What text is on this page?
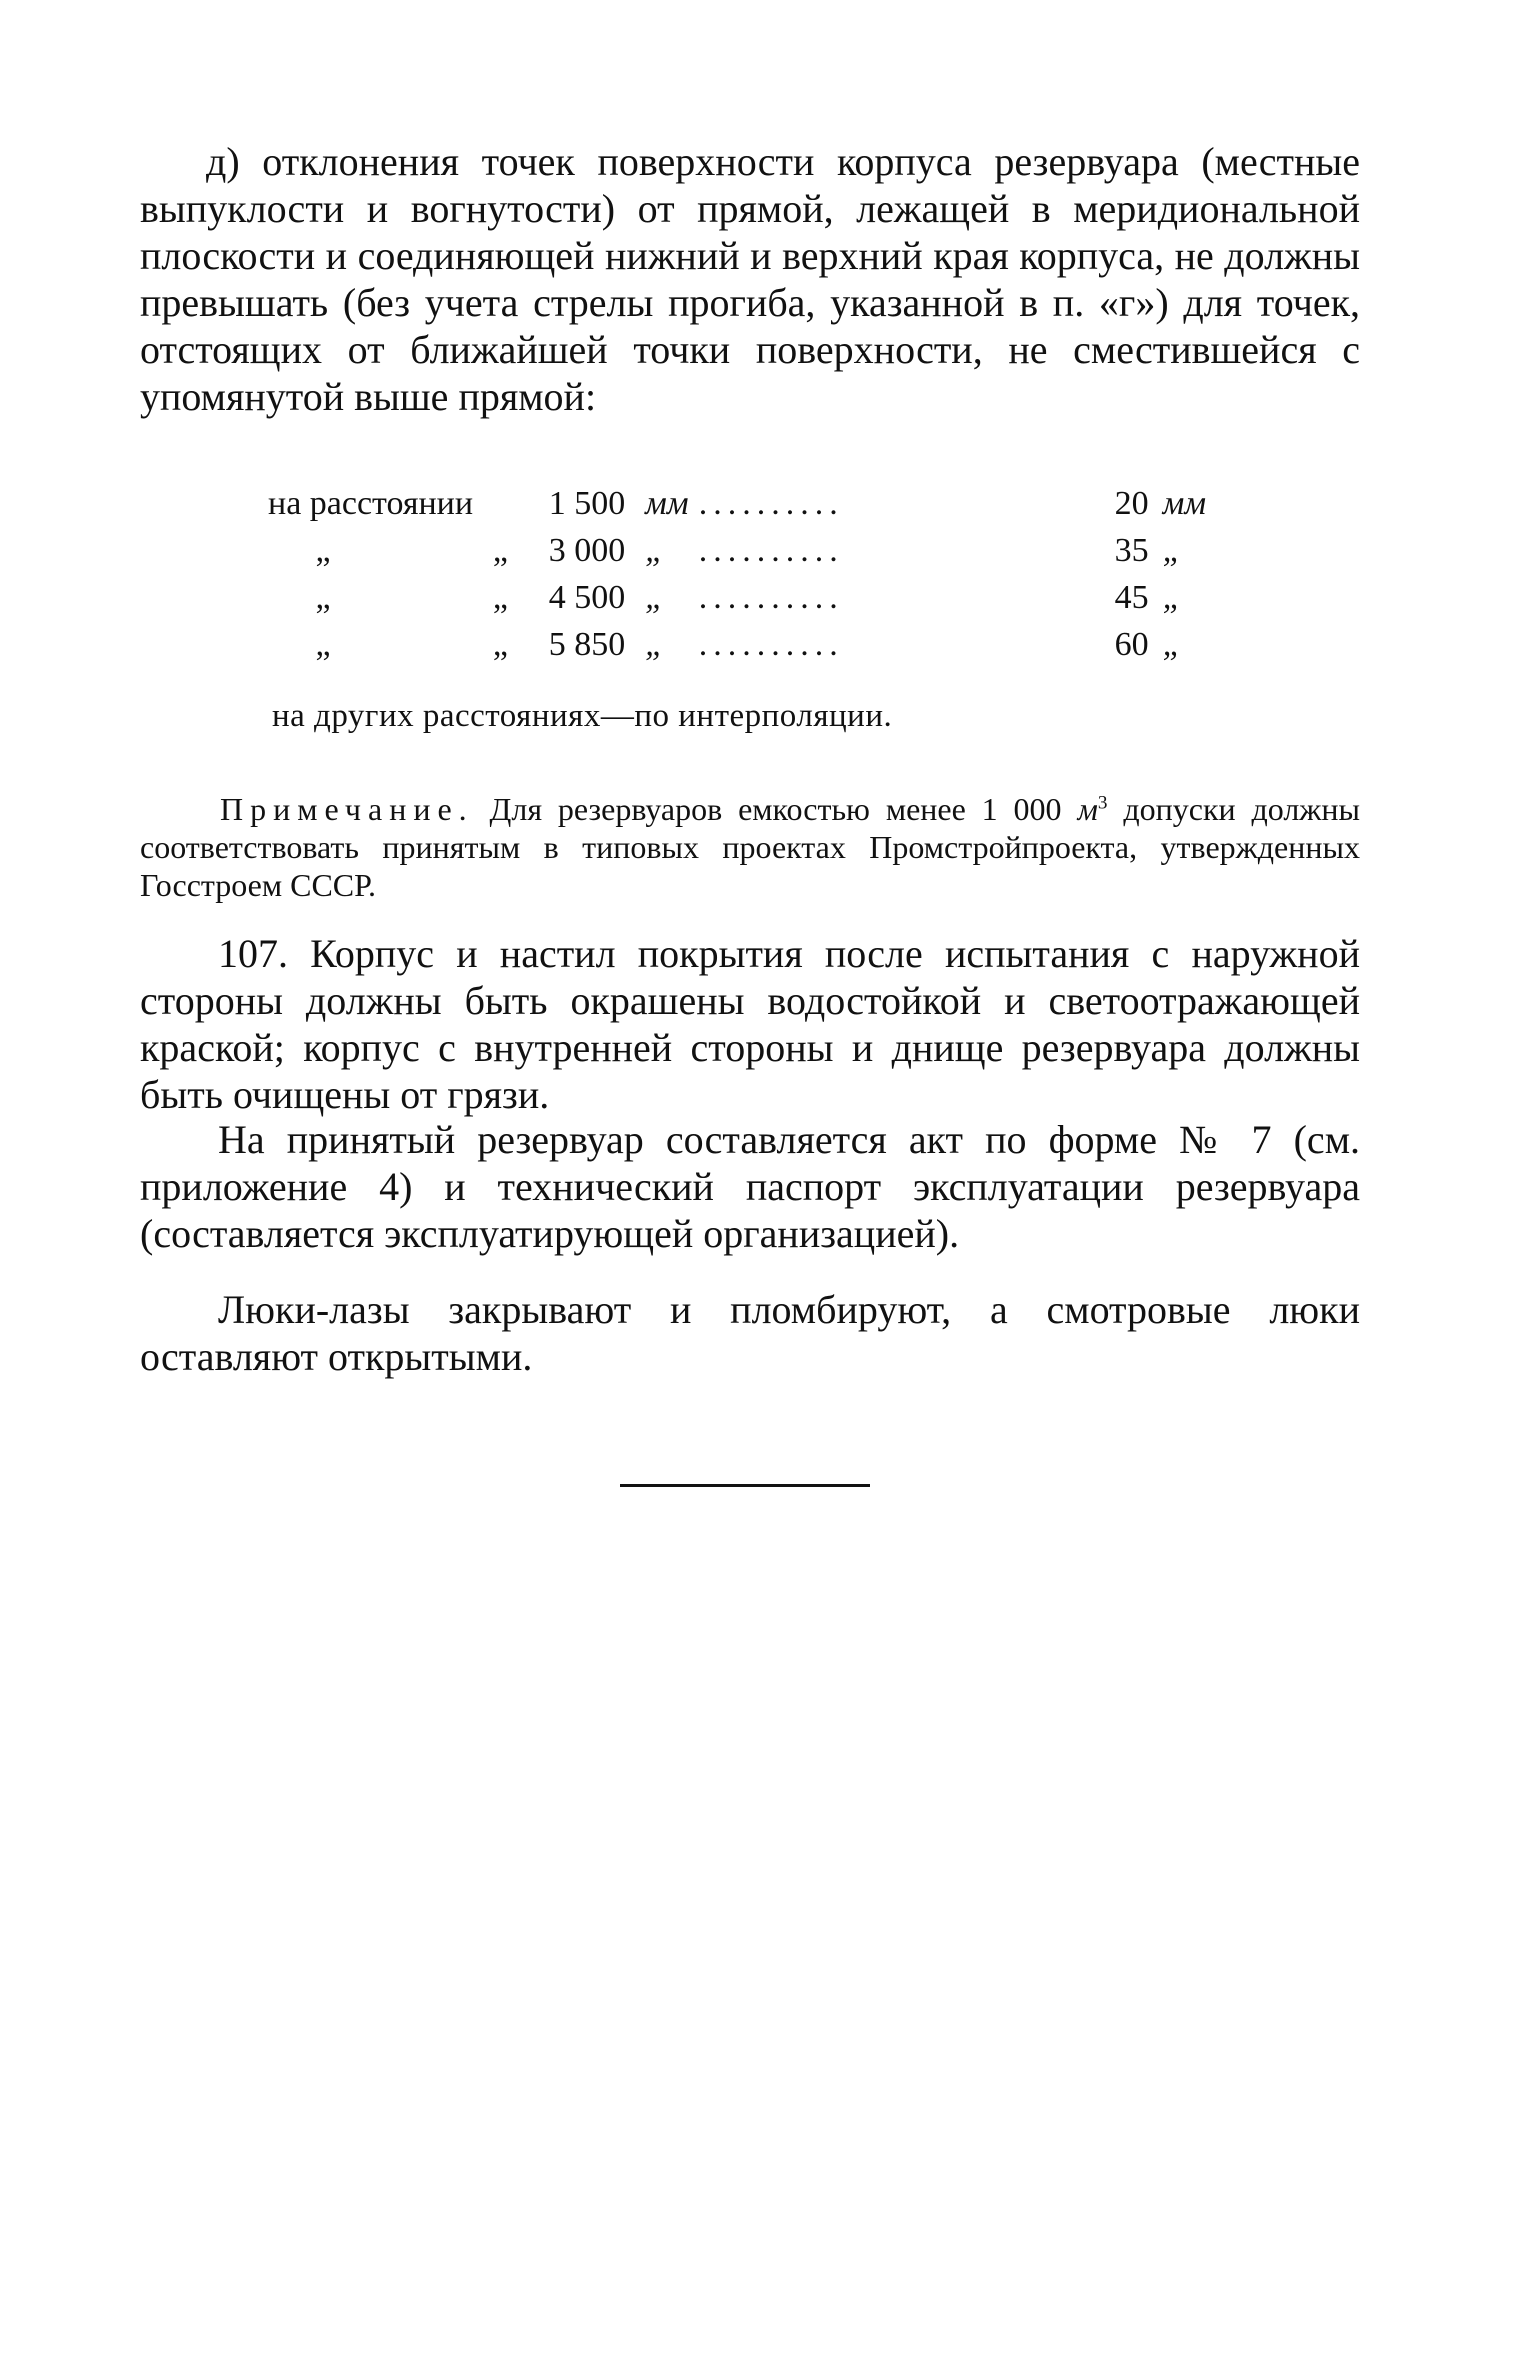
д) отклонения точек поверхности корпуса резервуара (местные выпуклости и вогнутости) от прямой, лежащей в меридиональной плоскости и соединяющей нижний и верхний края корпуса, не должны превышать (без учета стрелы прогиба, указанной в п. «г») для точек, отстоящих от ближайшей точки поверхности, не сместившейся с упомянутой выше прямой:

на расстоянии	1 500	мм	..........	20	мм
„ „	3 000	„	..........	35	„
„ „	4 500	„	..........	45	„
„ „	5 850	„	..........	60	„

на других расстояниях—по интерполяции.

Примечание. Для резервуаров емкостью менее 1 000 $м^3$ допуски должны соответствовать принятым в типовых проектах Промстройпроекта, утвержденных Госстроем СССР.

107. Корпус и настил покрытия после испытания с наружной стороны должны быть окрашены водостойкой и светоотражающей краской; корпус с внутренней стороны и днище резервуара должны быть очищены от грязи.

На принятый резервуар составляется акт по форме № 7 (см. приложение 4) и технический паспорт эксплуатации резервуара (составляется эксплуатирующей организацией).

Люки-лазы закрывают и пломбируют, а смотровые люки оставляют открытыми.
